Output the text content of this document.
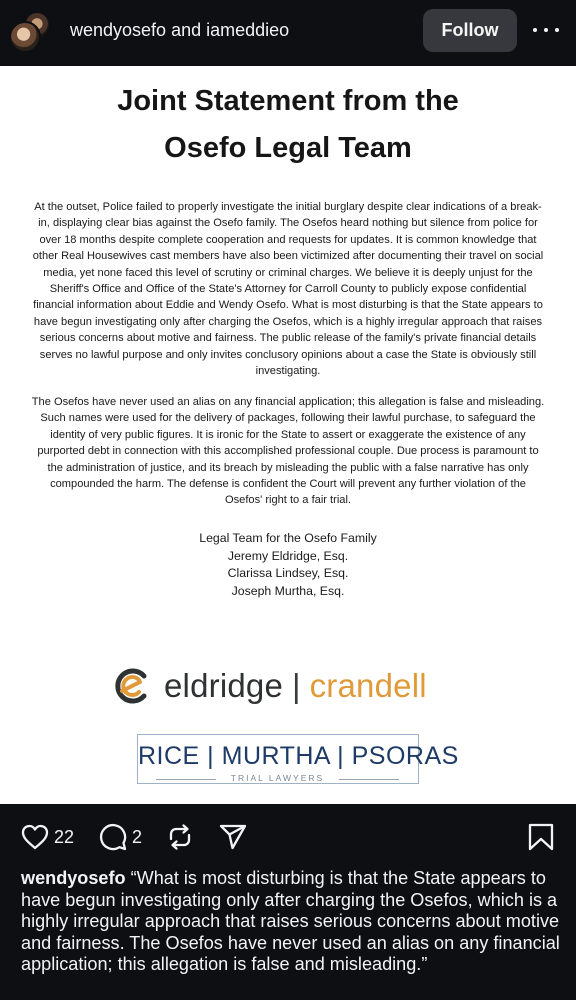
wendyosefo and iameddieo	Follow
Joint Statement from the
Osefo Legal Team
At the outset, Police failed to properly investigate the initial burglary despite clear indications of a break-in, displaying clear bias against the Osefo family. The Osefos heard nothing but silence from police for over 18 months despite complete cooperation and requests for updates. It is common knowledge that other Real Housewives cast members have also been victimized after documenting their travel on social media, yet none faced this level of scrutiny or criminal charges. We believe it is deeply unjust for the Sheriff's Office and Office of the State's Attorney for Carroll County to publicly expose confidential financial information about Eddie and Wendy Osefo. What is most disturbing is that the State appears to have begun investigating only after charging the Osefos, which is a highly irregular approach that raises serious concerns about motive and fairness. The public release of the family's private financial details serves no lawful purpose and only invites conclusory opinions about a case the State is obviously still investigating.
The Osefos have never used an alias on any financial application; this allegation is false and misleading. Such names were used for the delivery of packages, following their lawful purchase, to safeguard the identity of very public figures. It is ironic for the State to assert or exaggerate the existence of any purported debt in connection with this accomplished professional couple. Due process is paramount to the administration of justice, and its breach by misleading the public with a false narrative has only compounded the harm. The defense is confident the Court will prevent any further violation of the Osefos' right to a fair trial.
Legal Team for the Osefo Family
Jeremy Eldridge, Esq.
Clarissa Lindsey, Esq.
Joseph Murtha, Esq.
eldridge | crandell
RICE | MURTHA | PSORAS
TRIAL LAWYERS
22	2
wendyosefo “What is most disturbing is that the State appears to have begun investigating only after charging the Osefos, which is a highly irregular approach that raises serious concerns about motive and fairness. The Osefos have never used an alias on any financial application; this allegation is false and misleading.”
